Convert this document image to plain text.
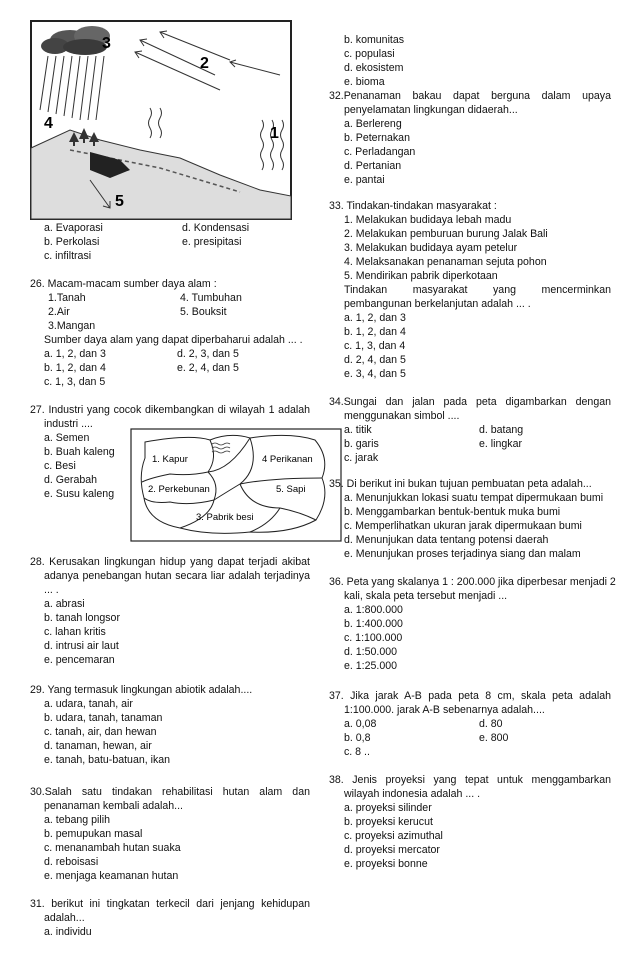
3
2
4
1
5
a. Evaporasi	d. Kondensasi
b. Perkolasi	e. presipitasi
c. infiltrasi
26. Macam-macam sumber daya alam :
1.Tanah	4. Tumbuhan
2.Air	5. Bouksit
3.Mangan
Sumber daya alam yang dapat diperbaharui adalah ... .
a. 1, 2, dan 3	d. 2, 3, dan 5
b. 1, 2, dan 4	e. 2, 4, dan 5
c. 1, 3, dan 5
27. Industri yang cocok dikembangkan di wilayah 1 adalah
industri ....
a. Semen
b. Buah kaleng
c. Besi
d. Gerabah
e. Susu kaleng
1. Kapur	4 Perikanan
2. Perkebunan	5. Sapi
3. Pabrik besi
28. Kerusakan lingkungan hidup yang dapat terjadi akibat
adanya penebangan hutan secara liar adalah terjadinya
... .
a. abrasi
b. tanah longsor
c. lahan kritis
d. intrusi air laut
e. pencemaran
29. Yang termasuk lingkungan abiotik adalah....
a. udara, tanah, air
b. udara, tanah, tanaman
c. tanah, air, dan hewan
d. tanaman, hewan, air
e. tanah, batu-batuan, ikan
30.Salah satu tindakan rehabilitasi hutan alam dan
penanaman kembali adalah...
a. tebang pilih
b. pemupukan masal
c. menanambah hutan suaka
d. reboisasi
e. menjaga keamanan hutan
31. berikut ini tingkatan terkecil dari jenjang kehidupan
adalah...
a. individu
b. komunitas
c. populasi
d. ekosistem
e. bioma
32.Penanaman bakau dapat berguna dalam upaya
penyelamatan lingkungan didaerah...
a. Berlereng
b. Peternakan
c. Perladangan
d. Pertanian
e. pantai
33. Tindakan-tindakan masyarakat :
1. Melakukan budidaya lebah madu
2. Melakukan pemburuan burung Jalak Bali
3. Melakukan budidaya ayam petelur
4. Melaksanakan penanaman sejuta pohon
5. Mendirikan pabrik diperkotaan
Tindakan masyarakat yang mencerminkan
pembangunan berkelanjutan adalah ... .
a. 1, 2, dan 3
b. 1, 2, dan 4
c. 1, 3, dan 4
d. 2, 4, dan 5
e. 3, 4, dan 5
34.Sungai dan jalan pada peta digambarkan dengan
menggunakan simbol ....
a. titik	d. batang
b. garis	e. lingkar
c. jarak
35. Di berikut ini bukan tujuan pembuatan peta adalah...
a. Menunjukkan lokasi suatu tempat dipermukaan bumi
b. Menggambarkan bentuk-bentuk muka bumi
c. Memperlihatkan ukuran jarak dipermukaan bumi
d. Menunjukan data tentang potensi daerah
e. Menunjukan proses terjadinya siang dan malam
36. Peta yang skalanya 1 : 200.000 jika diperbesar menjadi 2
kali, skala peta tersebut menjadi ...
a. 1:800.000
b. 1:400.000
c. 1:100.000
d. 1:50.000
e. 1:25.000
37. Jika jarak A-B pada peta 8 cm, skala peta adalah
1:100.000. jarak A-B sebenarnya adalah....
a. 0,08	d. 80
b. 0,8	e. 800
c. 8 ..
38. Jenis proyeksi yang tepat untuk menggambarkan
wilayah indonesia adalah ... .
a. proyeksi silinder
b. proyeksi kerucut
c. proyeksi azimuthal
d. proyeksi mercator
e. proyeksi bonne
